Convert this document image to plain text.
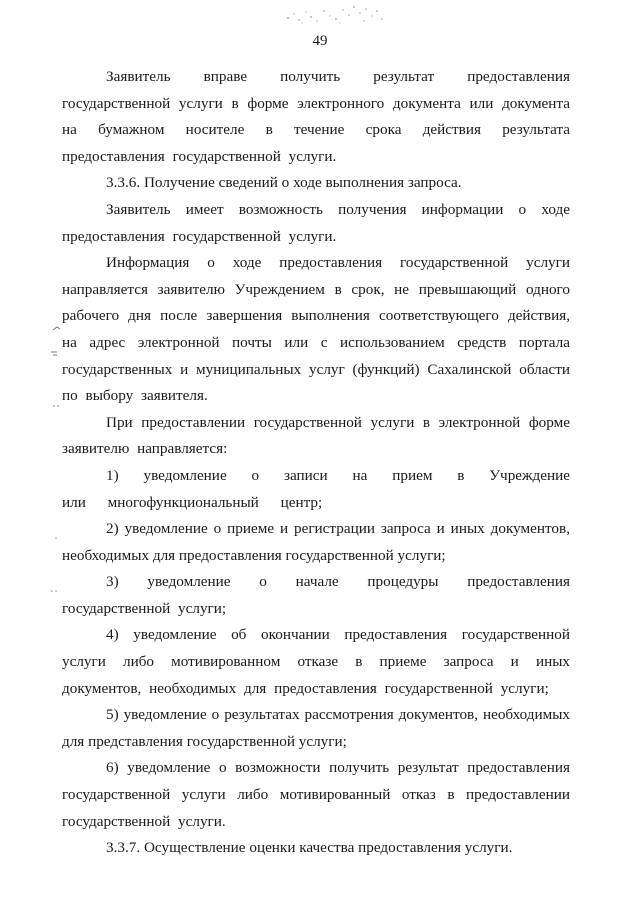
49

Заявитель вправе получить результат предоставления государственной услуги в форме электронного документа или документа на бумажном носителе в течение срока действия результата предоставления государственной услуги.

3.3.6. Получение сведений о ходе выполнения запроса.

Заявитель имеет возможность получения информации о ходе предоставления государственной услуги.

Информация о ходе предоставления государственной услуги направляется заявителю Учреждением в срок, не превышающий одного рабочего дня после завершения выполнения соответствующего действия, на адрес электронной почты или с использованием средств портала государственных и муниципальных услуг (функций) Сахалинской области по выбору заявителя.

При предоставлении государственной услуги в электронной форме заявителю направляется:

1) уведомление о записи на прием в Учреждение или многофункциональный центр;

2) уведомление о приеме и регистрации запроса и иных документов, необходимых для предоставления государственной услуги;

3) уведомление о начале процедуры предоставления государственной услуги;

4) уведомление об окончании предоставления государственной услуги либо мотивированном отказе в приеме запроса и иных документов, необходимых для предоставления государственной услуги;

5) уведомление о результатах рассмотрения документов, необходимых для представления государственной услуги;

6) уведомление о возможности получить результат предоставления государственной услуги либо мотивированный отказ в предоставлении государственной услуги.

3.3.7. Осуществление оценки качества предоставления услуги.
